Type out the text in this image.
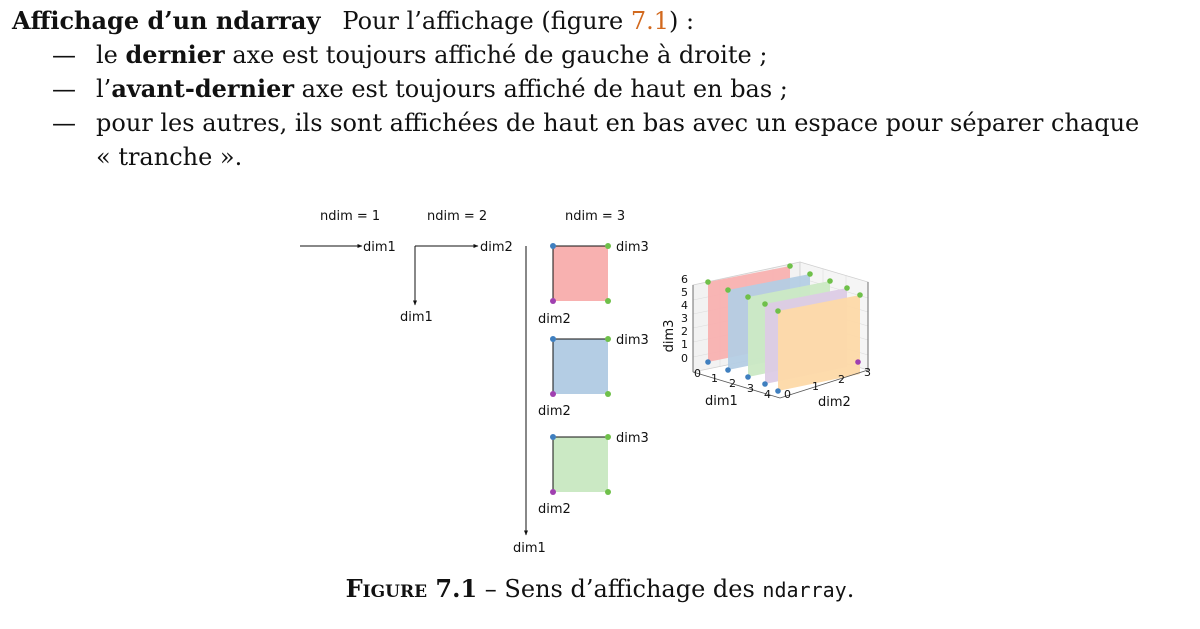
Affichage d’un ndarray Pour l’affichage (figure 7.1) :
— le dernier axe est toujours affiché de gauche à droite ;
— l’avant-dernier axe est toujours affiché de haut en bas ;
— pour les autres, ils sont affichées de haut en bas avec un espace pour séparer chaque
« tranche ».
ndim = 1
dim1
ndim = 2
dim2
dim1
ndim = 3
dim1
dim3
dim2
dim3
dim2
dim3
dim2
0
1
2
3
4
5
6
dim3
0 1 2 3 4
dim1	0
1
2
3
dim2
Figure 7.1 – Sens d’affichage des ndarray.
